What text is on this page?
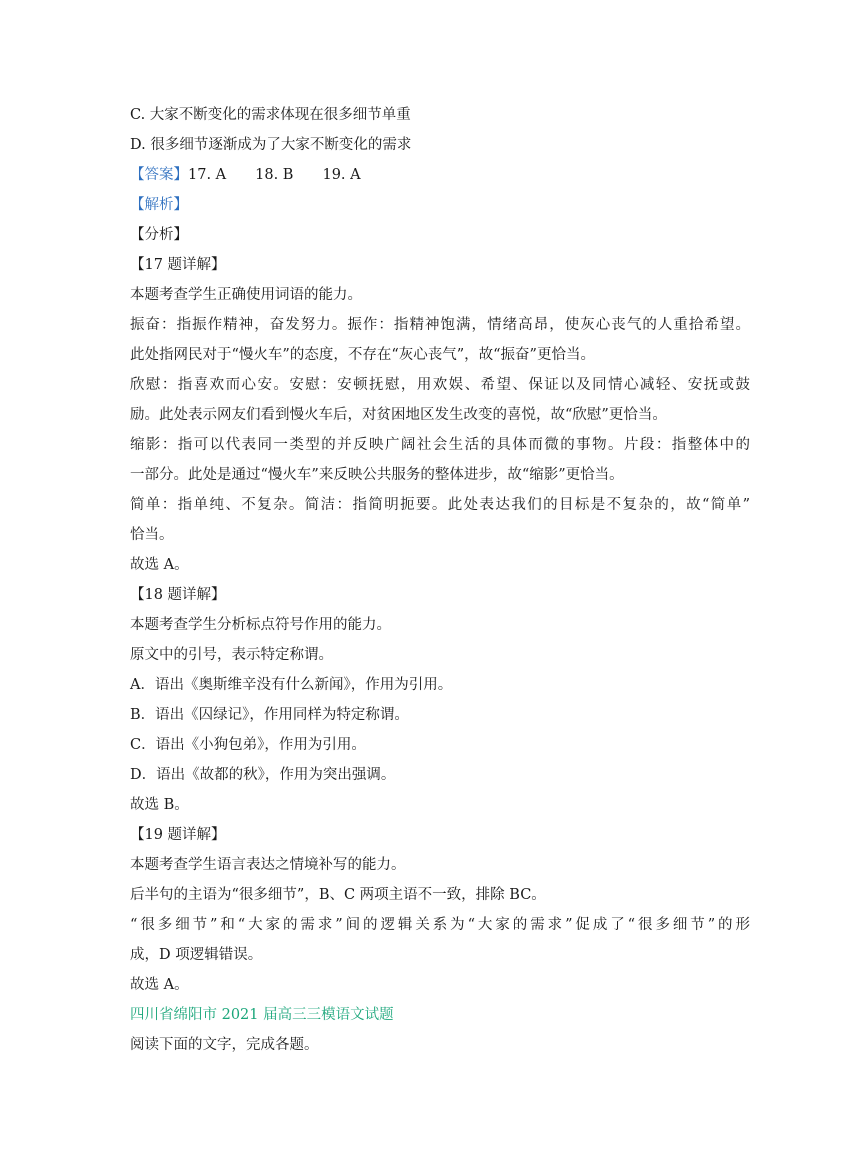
C. 大家不断变化的需求体现在很多细节单重
D. 很多细节逐渐成为了大家不断变化的需求
【答案】17. A　　18. B　　19. A
【解析】
【分析】
【17 题详解】
本题考查学生正确使用词语的能力。
振奋：指振作精神，奋发努力。振作：指精神饱满，情绪高昂，使灰心丧气的人重拾希望。
此处指网民对于“慢火车”的态度，不存在“灰心丧气”，故“振奋”更恰当。
欣慰：指喜欢而心安。安慰：安顿抚慰，用欢娱、希望、保证以及同情心减轻、安抚或鼓
励。此处表示网友们看到慢火车后，对贫困地区发生改变的喜悦，故“欣慰”更恰当。
缩影：指可以代表同一类型的并反映广阔社会生活的具体而微的事物。片段：指整体中的
一部分。此处是通过“慢火车”来反映公共服务的整体进步，故“缩影”更恰当。
简单：指单纯、不复杂。简洁：指简明扼要。此处表达我们的目标是不复杂的，故“简单”
恰当。
故选 A。
【18 题详解】
本题考查学生分析标点符号作用的能力。
原文中的引号，表示特定称谓。
A．语出《奥斯维辛没有什么新闻》，作用为引用。
B．语出《囚绿记》，作用同样为特定称谓。
C．语出《小狗包弟》，作用为引用。
D．语出《故都的秋》，作用为突出强调。
故选 B。
【19 题详解】
本题考查学生语言表达之情境补写的能力。
后半句的主语为“很多细节”，B、C 两项主语不一致，排除 BC。
“很多细节”和“大家的需求”间的逻辑关系为“大家的需求”促成了“很多细节”的形
成，D 项逻辑错误。
故选 A。
四川省绵阳市 2021 届高三三模语文试题
阅读下面的文字，完成各题。
